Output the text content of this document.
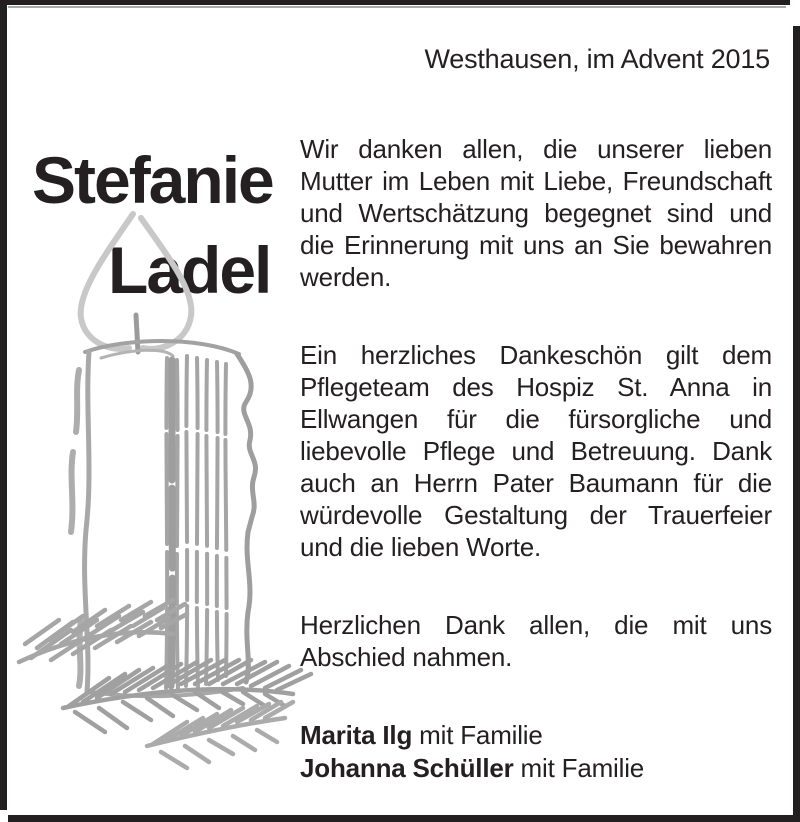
Westhausen, im Advent 2015
Stefanie
Ladel
Wir danken allen, die unserer lieben
Mutter im Leben mit Liebe, Freundschaft
und Wertschätzung begegnet sind und
die Erinnerung mit uns an Sie bewahren
werden.
Ein herzliches Dankeschön gilt dem
Pflegeteam des Hospiz St. Anna in
Ellwangen für die fürsorgliche und
liebevolle Pflege und Betreuung. Dank
auch an Herrn Pater Baumann für die
würdevolle Gestaltung der Trauerfeier
und die lieben Worte.
Herzlichen Dank allen, die mit uns
Abschied nahmen.
Marita Ilg mit Familie
Johanna Schüller mit Familie
